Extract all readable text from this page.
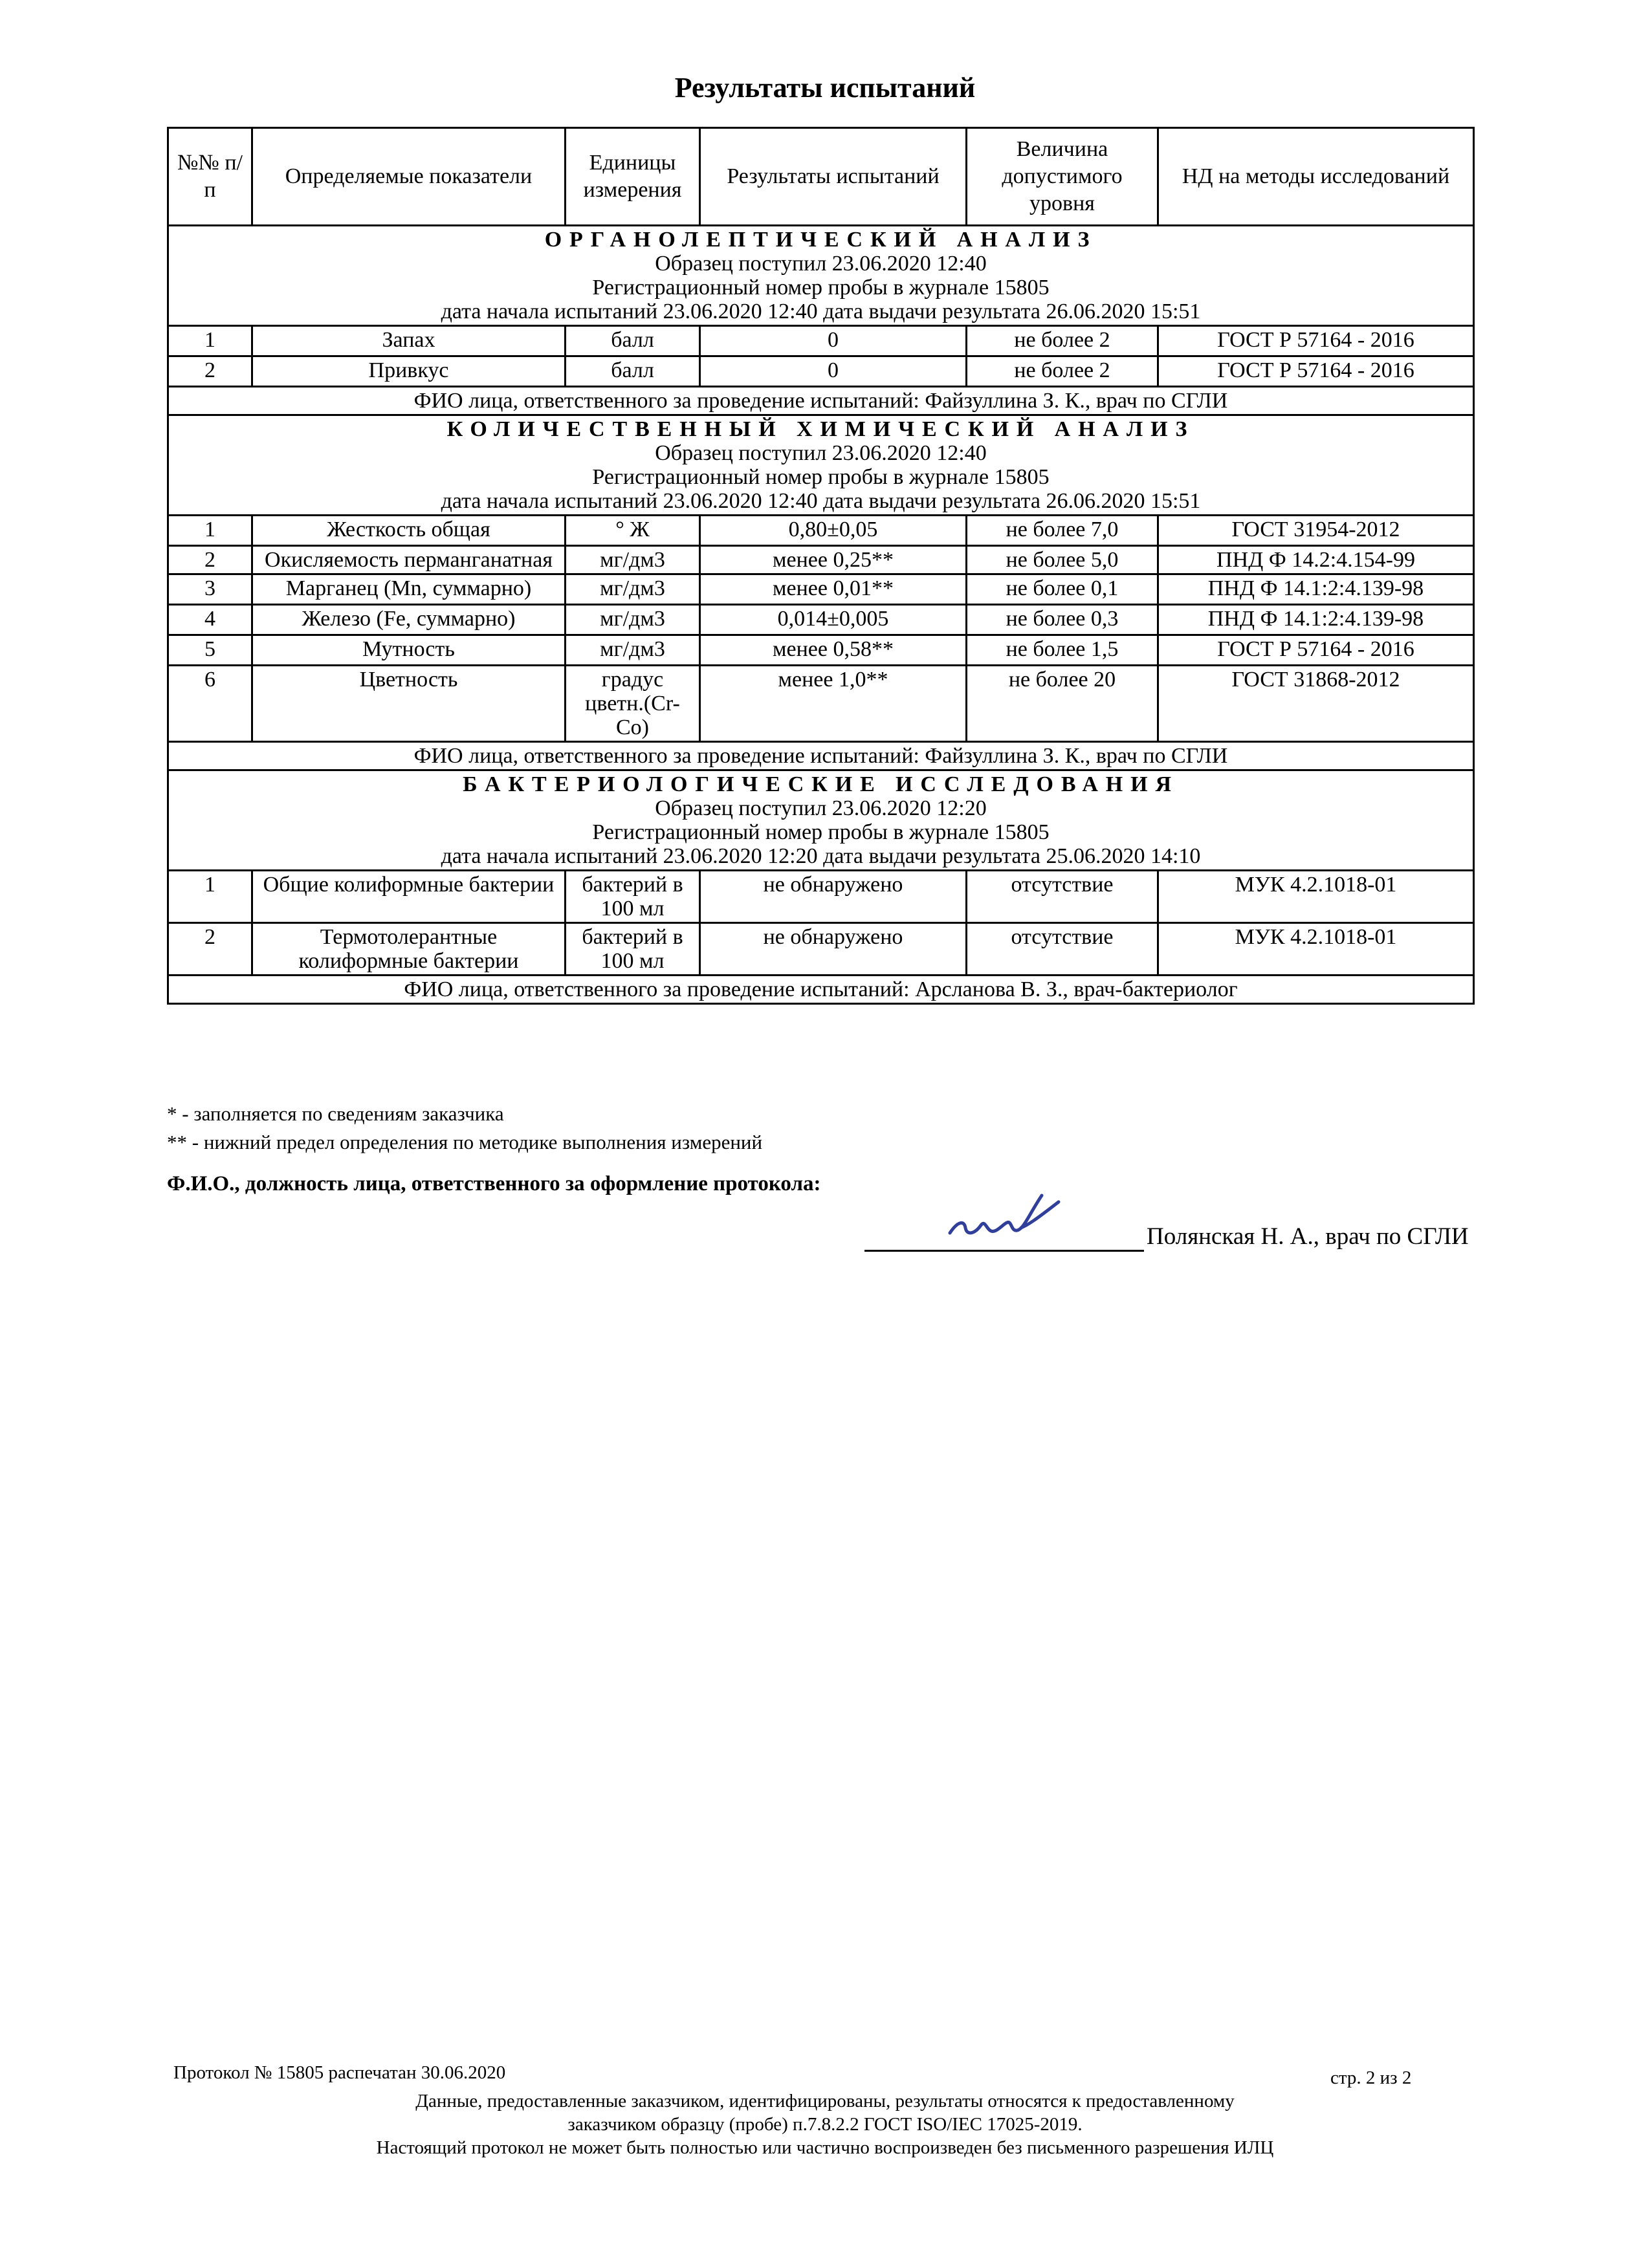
Результаты испытаний
№№ п/п	Определяемые показатели	Единицы измерения	Результаты испытаний	Величина допустимого уровня	НД на методы исследований

ОРГАНОЛЕПТИЧЕСКИЙ АНАЛИЗ
Образец поступил 23.06.2020 12:40
Регистрационный номер пробы в журнале 15805
дата начала испытаний 23.06.2020 12:40 дата выдачи результата 26.06.2020 15:51					

1	Запах	балл	0	не более 2	ГОСТ Р 57164 - 2016
2	Привкус	балл	0	не более 2	ГОСТ Р 57164 - 2016
ФИО лица, ответственного за проведение испытаний: Файзуллина З. К., врач по СГЛИ					

КОЛИЧЕСТВЕННЫЙ ХИМИЧЕСКИЙ АНАЛИЗ
Образец поступил 23.06.2020 12:40
Регистрационный номер пробы в журнале 15805
дата начала испытаний 23.06.2020 12:40 дата выдачи результата 26.06.2020 15:51					

1	Жесткость общая	° Ж	0,80±0,05	не более 7,0	ГОСТ 31954-2012
2	Окисляемость перманганатная	мг/дм3	менее 0,25**	не более 5,0	ПНД Ф 14.2:4.154-99
3	Марганец (Mn, суммарно)	мг/дм3	менее 0,01**	не более 0,1	ПНД Ф 14.1:2:4.139-98
4	Железо (Fe, суммарно)	мг/дм3	0,014±0,005	не более 0,3	ПНД Ф 14.1:2:4.139-98
5	Мутность	мг/дм3	менее 0,58**	не более 1,5	ГОСТ Р 57164 - 2016
6	Цветность	градус цветн.(Cr-Co)	менее 1,0**	не более 20	ГОСТ 31868-2012
ФИО лица, ответственного за проведение испытаний: Файзуллина З. К., врач по СГЛИ					

БАКТЕРИОЛОГИЧЕСКИЕ ИССЛЕДОВАНИЯ
Образец поступил 23.06.2020 12:20
Регистрационный номер пробы в журнале 15805
дата начала испытаний 23.06.2020 12:20 дата выдачи результата 25.06.2020 14:10					

1	Общие колиформные бактерии	бактерий в 100 мл	не обнаружено	отсутствие	МУК 4.2.1018-01
2	Термотолерантные колиформные бактерии	бактерий в 100 мл	не обнаружено	отсутствие	МУК 4.2.1018-01
ФИО лица, ответственного за проведение испытаний: Арсланова В. З., врач-бактериолог					
* - заполняется по сведениям заказчика
** - нижний предел определения по методике выполнения измерений
Ф.И.О., должность лица, ответственного за оформление протокола:
Полянская Н. А., врач по СГЛИ
Протокол № 15805 распечатан 30.06.2020	стр. 2 из 2
Данные, предоставленные заказчиком, идентифицированы, результаты относятся к предоставленному
заказчиком образцу (пробе) п.7.8.2.2 ГОСТ ISO/IEC 17025-2019.
Настоящий протокол не может быть полностью или частично воспроизведен без письменного разрешения ИЛЦ
